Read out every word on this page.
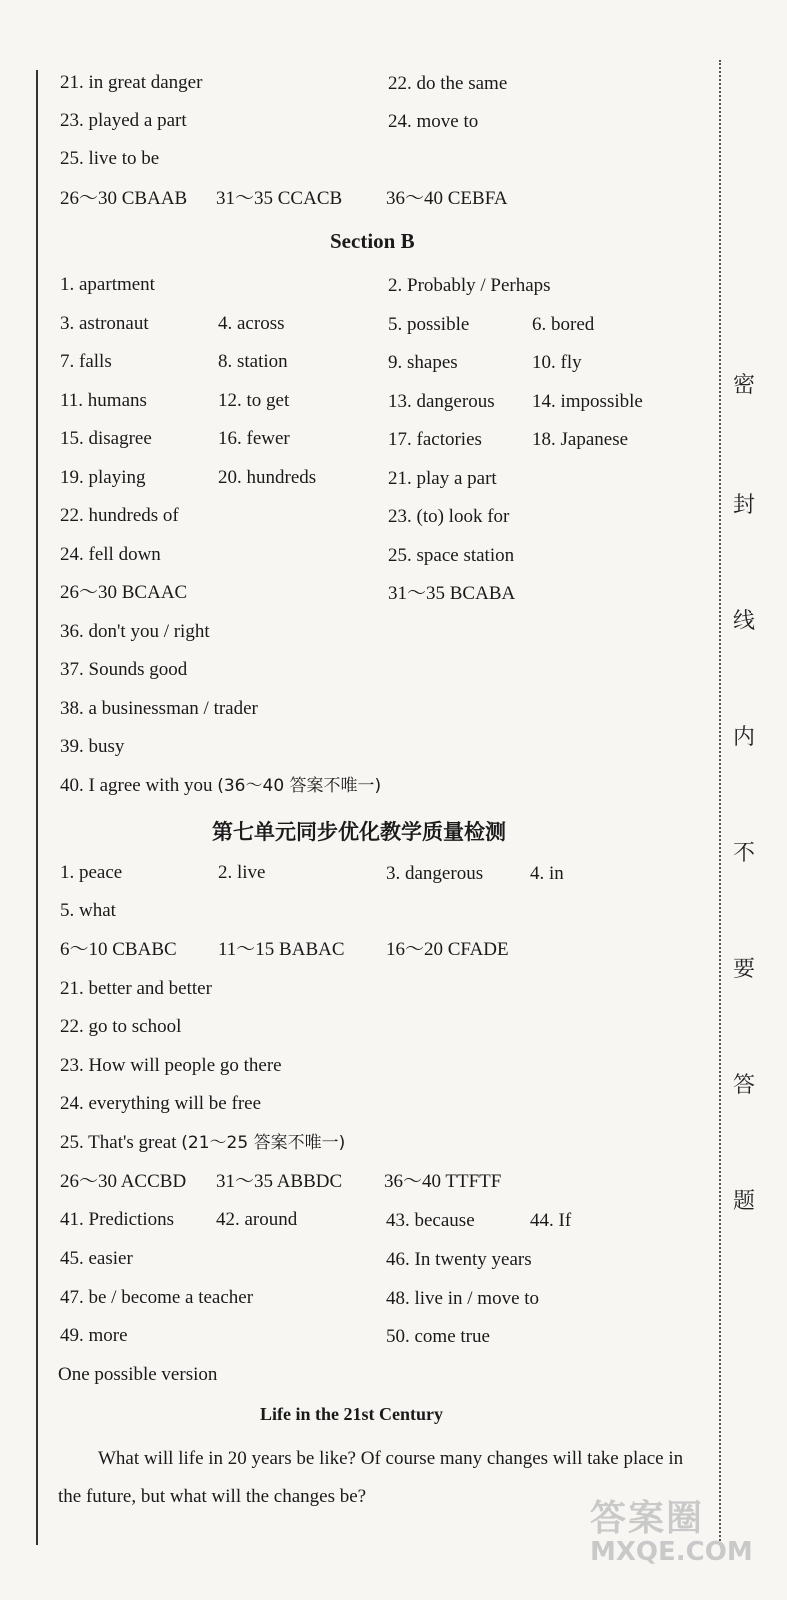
密
封
线
内
不
要
答
题
21. in great danger	22. do the same
23. played a part	24. move to
25. live to be
26～30 CBAAB 31～35 CCACB 36～40 CEBFA
Section B
1. apartment	2. Probably / Perhaps
3. astronaut	4. across	5. possible	6. bored
7. falls	8. station	9. shapes	10. fly
11. humans	12. to get	13. dangerous 14. impossible
15. disagree	16. fewer	17. factories	18. Japanese
19. playing	20. hundreds	21. play a part
22. hundreds of	23. (to) look for
24. fell down	25. space station
26～30 BCAAC	31～35 BCABA
36. don't you / right
37. Sounds good
38. a businessman / trader
39. busy
40. I agree with you (36～40 答案不唯一)
第七单元同步优化教学质量检测
1. peace	2. live	3. dangerous 4. in
5. what
6～10 CBABC 11～15 BABAC 16～20 CFADE
21. better and better
22. go to school
23. How will people go there
24. everything will be free
25. That's great (21～25 答案不唯一)
26～30 ACCBD 31～35 ABBDC 36～40 TTFTF
41. Predictions 42. around	43. because	44. If
45. easier	46. In twenty years
47. be / become a teacher	48. live in / move to
49. more	50. come true
One possible version
Life in the 21st Century
What will life in 20 years be like? Of course many changes will take place in the future, but what will the changes be?
答案圈
MXQE.COM
